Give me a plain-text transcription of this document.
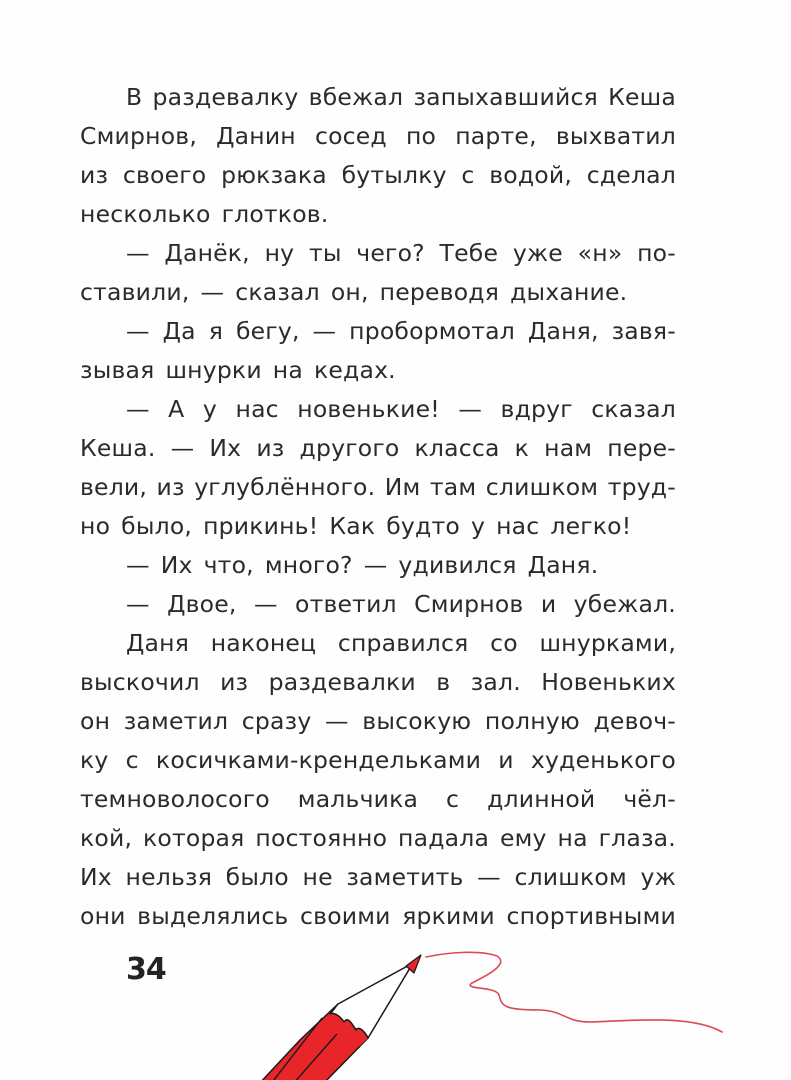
В раздевалку вбежал запыхавшийся Кеша
Смирнов, Данин сосед по парте, выхватил
из своего рюкзака бутылку с водой, сделал
несколько глотков.
— Данёк, ну ты чего? Тебе уже «н» по-
ставили, — сказал он, переводя дыхание.
— Да я бегу, — пробормотал Даня, завя-
зывая шнурки на кедах.
— А у нас новенькие! — вдруг сказал
Кеша. — Их из другого класса к нам пере-
вели, из углублённого. Им там слишком труд-
но было, прикинь! Как будто у нас легко!
— Их что, много? — удивился Даня.
— Двое, — ответил Смирнов и убежал.
Даня наконец справился со шнурками,
выскочил из раздевалки в зал. Новеньких
он заметил сразу — высокую полную девоч-
ку с косичками-крендельками и худенького
темноволосого мальчика с длинной чёл-
кой, которая постоянно падала ему на глаза.
Их нельзя было не заметить — слишком уж
они выделялись своими яркими спортивными
34
